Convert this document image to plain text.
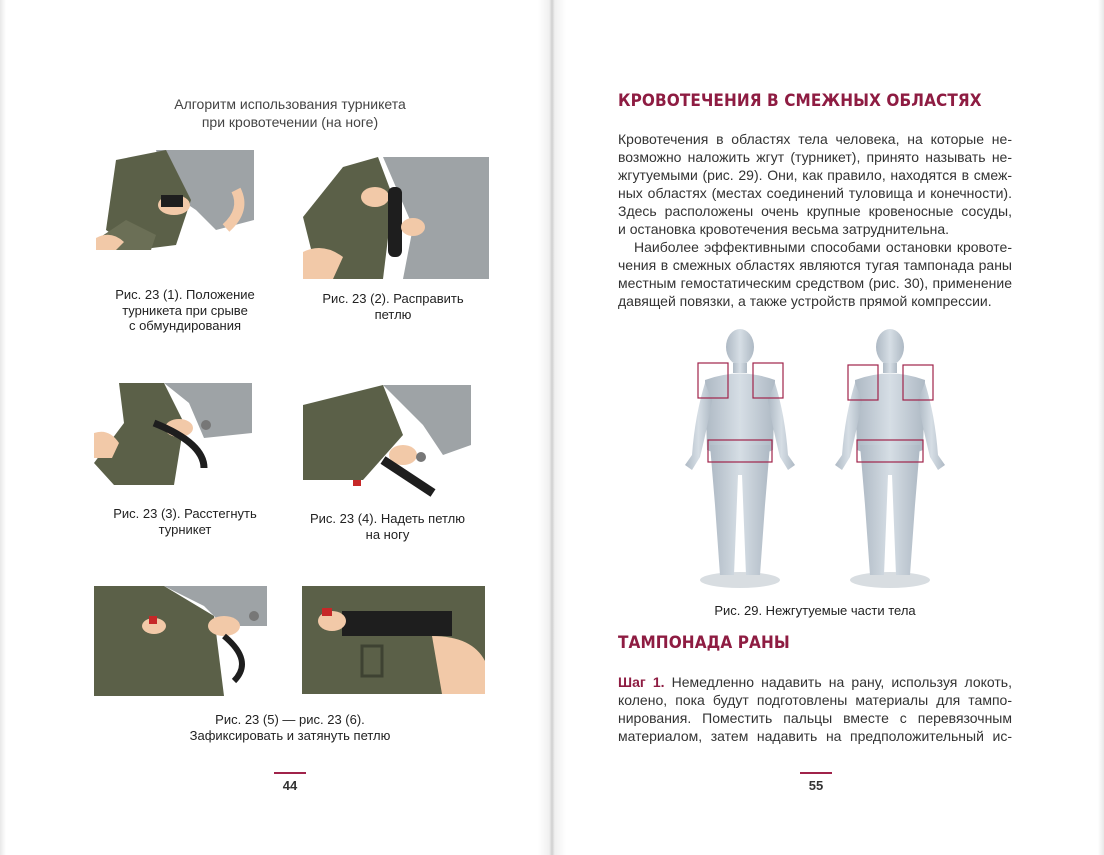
Алгоритм использования турникета
при кровотечении (на ноге)
Рис. 23 (1). Положение
турникета при срыве
с обмундирования
Рис. 23 (2). Расправить
петлю
Рис. 23 (3). Расстегнуть
турникет
Рис. 23 (4). Надеть петлю
на ногу
Рис. 23 (5) — рис. 23 (6).
Зафиксировать и затянуть петлю
44
КРОВОТЕЧЕНИЯ В СМЕЖНЫХ ОБЛАСТЯХ

Кровотечения в областях тела человека, на которые не-

возможно наложить жгут (турникет), принято называть не-

жгутуемыми (рис. 29). Они, как правило, находятся в смеж-

ных областях (местах соединений туловища и конечности).

Здесь расположены очень крупные кровеносные сосуды,

и остановка кровотечения весьма затруднительна.

Наиболее эффективными способами остановки кровоте-

чения в смежных областях являются тугая тампонада раны

местным гемостатическим средством (рис. 30), применение

давящей повязки, а также устройств прямой компрессии.

Рис. 29. Нежгутуемые части тела
ТАМПОНАДА РАНЫ

Шаг 1. Немедленно надавить на рану, используя локоть,

колено, пока будут подготовлены материалы для тампо-

нирования. Поместить пальцы вместе с перевязочным

материалом, затем надавить на предположительный ис-

55
